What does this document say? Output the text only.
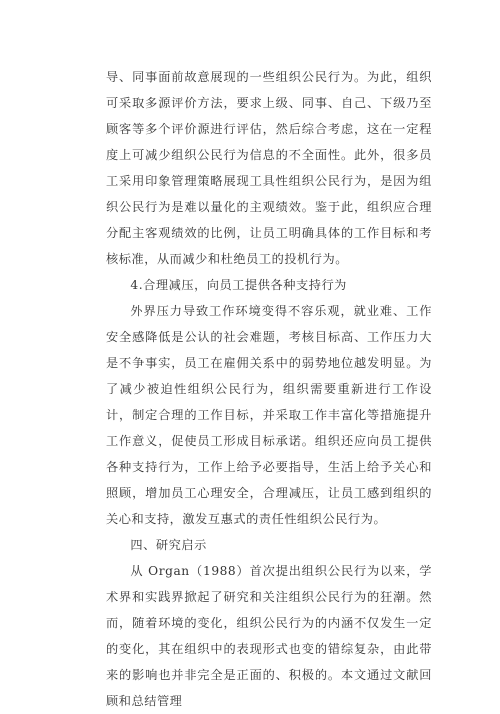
导、同事面前故意展现的一些组织公民行为。为此，组织可采取多源评价方法，要求上级、同事、自己、下级乃至顾客等多个评价源进行评估，然后综合考虑，这在一定程度上可减少组织公民行为信息的不全面性。此外，很多员工采用印象管理策略展现工具性组织公民行为，是因为组织公民行为是难以量化的主观绩效。鉴于此，组织应合理分配主客观绩效的比例，让员工明确具体的工作目标和考核标准，从而减少和杜绝员工的投机行为。

4.合理减压，向员工提供各种支持行为

外界压力导致工作环境变得不容乐观，就业难、工作安全感降低是公认的社会难题，考核目标高、工作压力大是不争事实，员工在雇佣关系中的弱势地位越发明显。为了减少被迫性组织公民行为，组织需要重新进行工作设计，制定合理的工作目标，并采取工作丰富化等措施提升工作意义，促使员工形成目标承诺。组织还应向员工提供各种支持行为，工作上给予必要指导，生活上给予关心和照顾，增加员工心理安全，合理减压，让员工感到组织的关心和支持，激发互惠式的责任性组织公民行为。

四、研究启示

从 Organ（1988）首次提出组织公民行为以来，学术界和实践界掀起了研究和关注组织公民行为的狂潮。然而，随着环境的变化，组织公民行为的内涵不仅发生一定的变化，其在组织中的表现形式也变的错综复杂，由此带来的影响也并非完全是正面的、积极的。本文通过文献回顾和总结管理
